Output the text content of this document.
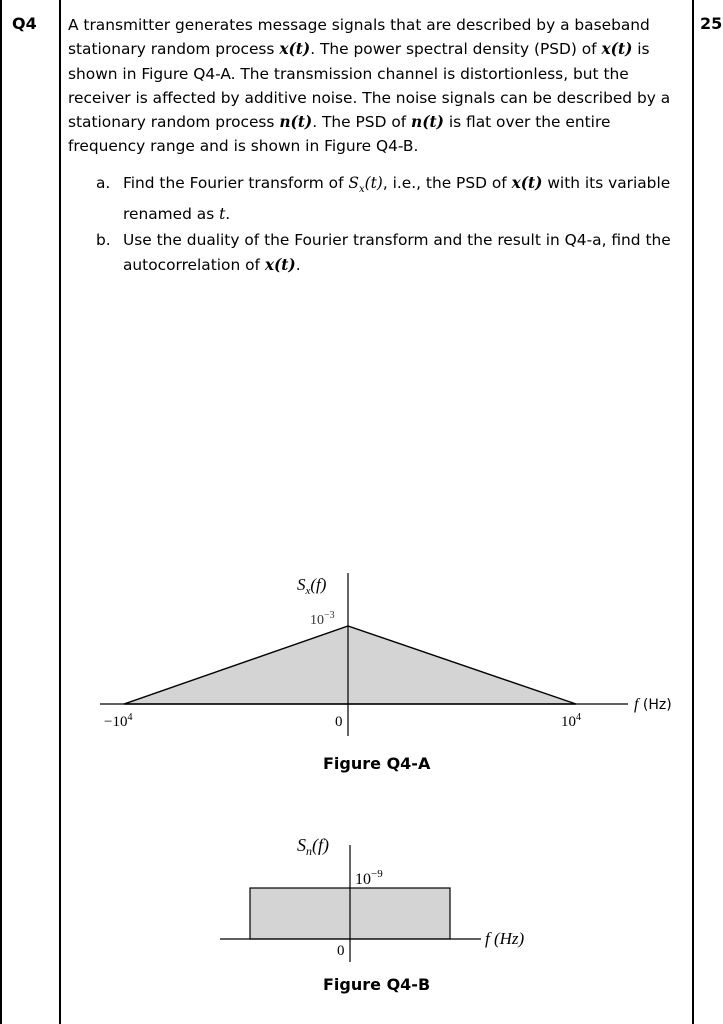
Q4	25

A transmitter generates message signals that are described by a baseband stationary random process x(t). The power spectral density (PSD) of x(t) is shown in Figure Q4-A. The transmission channel is distortionless, but the receiver is affected by additive noise. The noise signals can be described by a stationary random process n(t). The PSD of n(t) is flat over the entire frequency range and is shown in Figure Q4-B.

a. Find the Fourier transform of $S_x(t)$, i.e., the PSD of x(t) with its variable renamed as t.
b. Use the duality of the Fourier transform and the result in Q4-a, find the autocorrelation of x(t).
$S_x(f)$
$10^{-3}$
f (Hz)
$-10^4$	0	$10^4$
Figure Q4-A
$S_n(f)$
$10^{-9}$
f (Hz)
0
Figure Q4-B
